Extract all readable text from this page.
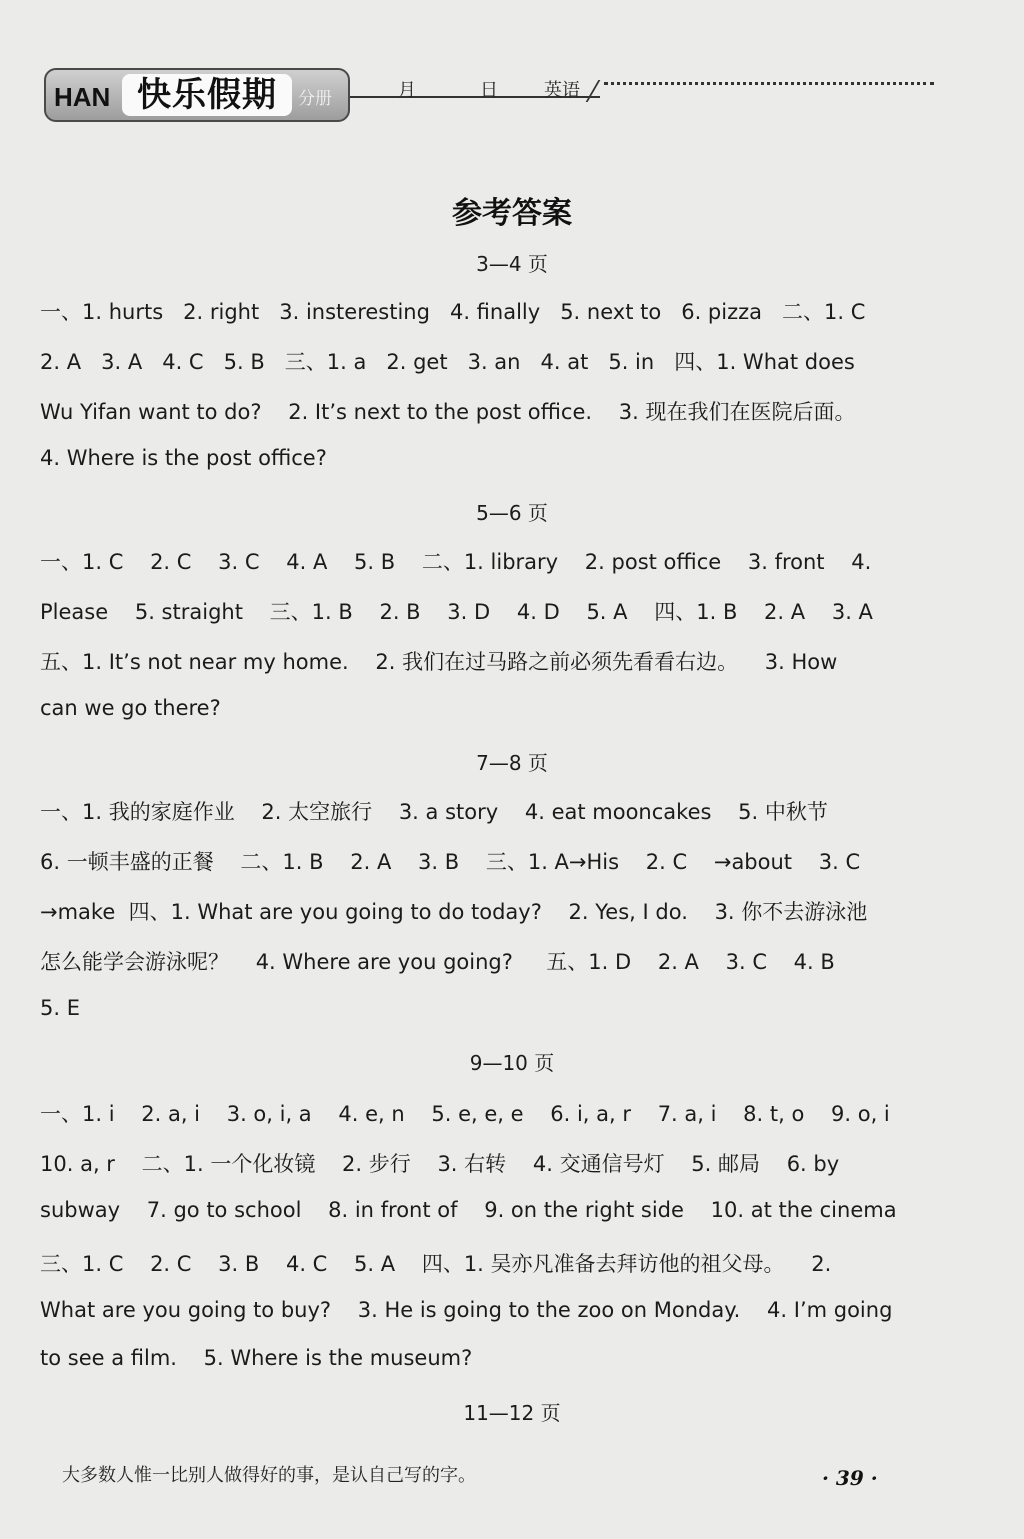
HAN 快乐假期	分册	月	日	英语
参考答案
3—4 页
一、1. hurts   2. right   3. insteresting   4. finally   5. next to   6. pizza   二、1. C
2. A   3. A   4. C   5. B   三、1. a   2. get   3. an   4. at   5. in   四、1. What does
Wu Yifan want to do?    2. It’s next to the post office.    3. 现在我们在医院后面。
4. Where is the post office?
5—6 页
一、1. C    2. C    3. C    4. A    5. B    二、1. library    2. post office    3. front    4.
Please    5. straight    三、1. B    2. B    3. D    4. D    5. A    四、1. B    2. A    3. A
五、1. It’s not near my home.    2. 我们在过马路之前必须先看看右边。    3. How
can we go there?
7—8 页
一、1. 我的家庭作业    2. 太空旅行    3. a story    4. eat mooncakes    5. 中秋节
6. 一顿丰盛的正餐    二、1. B    2. A    3. B    三、1. A→His    2. C    →about    3. C
→make  四、1. What are you going to do today?    2. Yes, I do.    3. 你不去游泳池
怎么能学会游泳呢？    4. Where are you going?     五、1. D    2. A    3. C    4. B
5. E
9—10 页
一、1. i    2. a, i    3. o, i, a    4. e, n    5. e, e, e    6. i, a, r    7. a, i    8. t, o    9. o, i
10. a, r    二、1. 一个化妆镜    2. 步行    3. 右转    4. 交通信号灯    5. 邮局    6. by
subway    7. go to school    8. in front of    9. on the right side    10. at the cinema
三、1. C    2. C    3. B    4. C    5. A    四、1. 吴亦凡准备去拜访他的祖父母。    2.
What are you going to buy?    3. He is going to the zoo on Monday.    4. I’m going
to see a film.    5. Where is the museum?
11—12 页
大多数人惟一比别人做得好的事，是认自己写的字。	· 39 ·
